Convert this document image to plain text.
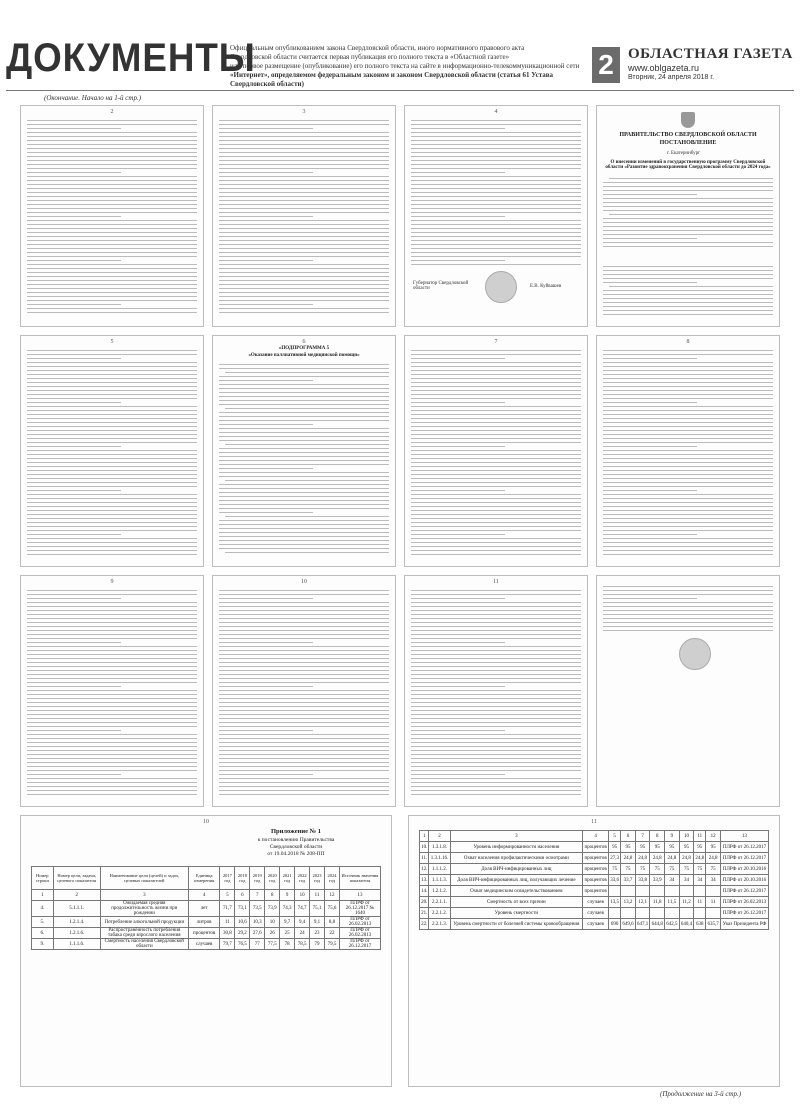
ДОКУМЕНТЫ
Официальным опубликованием закона Свердловской области, иного нормативного правового акта
Свердловской области считается первая публикация его полного текста в «Областной газете»
или первое размещение (опубликование) его полного текста на сайте в информационно-телекоммуникационной сети
«Интернет», определяемом федеральным законом и законом Свердловской области (статья 61 Устава Свердловской области)
2 ОБЛАСТНАЯ ГАЗЕТА
www.oblgazeta.ru
Вторник, 24 апреля 2018 г.
(Окончание. Начало на 1-й стр.)
2	3	4
Губернатор Свердловской области	Е.В. Куйвашев
ПРАВИТЕЛЬСТВО СВЕРДЛОВСКОЙ ОБЛАСТИ
ПОСТАНОВЛЕНИЕ
г. Екатеринбург
О внесении изменений в государственную программу Свердловской области «Развитие здравоохранения Свердловской области до 2024 года»
5	6
«ПОДПРОГРАММА 5
«Оказание паллиативной медицинской помощи»
7	8
9	10	11
10
Приложение № 1
к постановлению Правительства
Свердловской области
от 19.04.2018 № 208-ПП
Номер строки	Номер цели, задачи, целевого показателя	Наименование цели (целей) и задач, целевых показателей	Единица измерения	2017 год	2018 год	2019 год	2020 год	2021 год	2022 год	2023 год	2024 год	Источник значения показателя
1	2	3	4	5	6	7	8	9	10	11	12	13
4.	5.1.1.1.	Ожидаемая средняя продолжительность жизни при рождении	лет	71,7	73,1	73,5	73,9	74,3	74,7	75,1	75,6	ПЛРФ от 26.12.2017 № 1640
5.	1.2.1.4.	Потребление алкогольной продукции	литров	11	10,6	10,3	10	9,7	9,4	9,1	8,8	ПЛРФ от 26.02.2013
6.	1.2.1.6.	Распространённость потребления табака среди взрослого населения	процентов	30,8	29,2	27,6	26	25	24	23	22	ПЛРФ от 26.02.2013
9.	1.1.1.6.	Смертность населения Свердловской области	случаев	79,7	76,5	77	77,5	78	78,5	79	79,5	ПЛРФ от 26.12.2017
11
1	2	3	4	5	6	7	8	9	10	11	12	13
10.	1.3.1.8.	Уровень информированности населения	процентов	95	95	95	95	95	95	95	95	ПЛРФ от 26.12.2017
11.	1.3.1.16.	Охват населения профилактическими осмотрами	процентов	27,3	24,8	24,8	24,8	24,8	24,8	24,8	24,8	ПЛРФ от 26.12.2017
12.	1.1.1.2.	Доля ВИЧ-инфицированных лиц	процентов	75	75	75	75	75	75	75	75	ПЛРФ от 20.10.2016
13.	1.1.1.3.	Доля ВИЧ-инфицированных лиц, получающих лечение	процентов	33,6	33,7	33,8	33,9	34	34	34	34	ПЛРФ от 20.10.2016
14.	1.2.1.2.	Охват медицинским освидетельствованием	процентов									ПЛРФ от 26.12.2017
20.	2.2.1.1.	Смертность от всех причин	случаев	13,5	13,2	12,1	11,8	11,5	11,2	11	11	ПЛРФ от 26.02.2013
21.	2.2.1.2.	Уровень смертности	случаев									ПЛРФ от 26.12.2017
22.	2.2.1.3.	Уровень смертности от болезней системы кровообращения	случаев	690	649,6	647,1	644,8	642,5	640,4	638	635,7	Указ Президента РФ
(Продолжение на 3-й стр.)
